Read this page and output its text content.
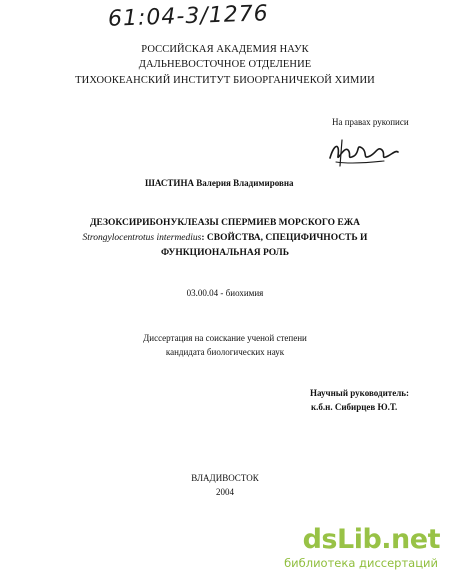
61:04-3/1276
РОССИЙСКАЯ АКАДЕМИЯ НАУК
ДАЛЬНЕВОСТОЧНОЕ ОТДЕЛЕНИЕ
ТИХООКЕАНСКИЙ ИНСТИТУТ БИООРГАНИЧЕКОЙ ХИМИИ
На правах рукописи
ШАСТИНА Валерия Владимировна
ДЕЗОКСИРИБОНУКЛЕАЗЫ СПЕРМИЕВ МОРСКОГО ЕЖА
Strongylocentrotus intermedius: СВОЙСТВА, СПЕЦИФИЧНОСТЬ И
ФУНКЦИОНАЛЬНАЯ РОЛЬ
03.00.04 - биохимия
Диссертация на соискание ученой степени
кандидата биологических наук
Научный руководитель:
к.б.н. Сибирцев Ю.Т.
ВЛАДИВОСТОК
2004
dsLib.net
библиотека диссертаций
